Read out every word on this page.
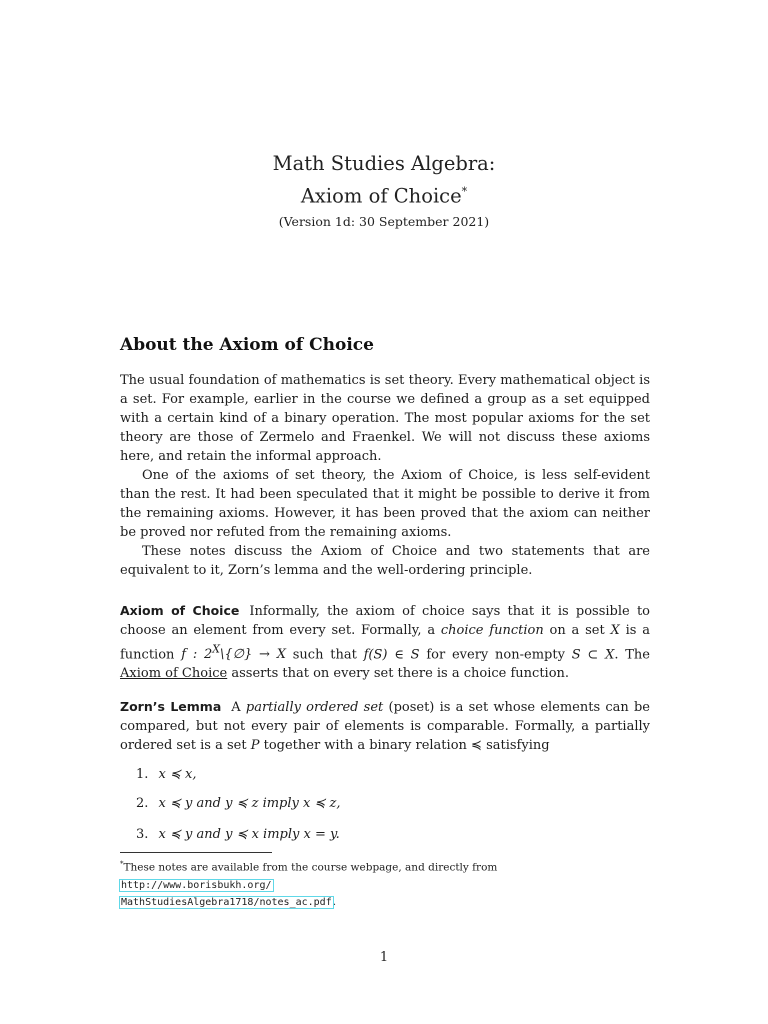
Math Studies Algebra:
Axiom of Choice*
(Version 1d: 30 September 2021)
About the Axiom of Choice

The usual foundation of mathematics is set theory. Every mathematical object is a set. For example, earlier in the course we defined a group as a set equipped with a certain kind of a binary operation. The most popular axioms for the set theory are those of Zermelo and Fraenkel. We will not discuss these axioms here, and retain the informal approach.

One of the axioms of set theory, the Axiom of Choice, is less self-evident than the rest. It had been speculated that it might be possible to derive it from the remaining axioms. However, it has been proved that the axiom can neither be proved nor refuted from the remaining axioms.

These notes discuss the Axiom of Choice and two statements that are equivalent to it, Zorn’s lemma and the well-ordering principle.

Axiom of Choice Informally, the axiom of choice says that it is possible to choose an element from every set. Formally, a choice function on a set X is a function f : $2^X\backslash\{\emptyset\} \to X$ such that f(S) ∈ S for every non-empty S ⊂ X. The Axiom of Choice asserts that on every set there is a choice function.

Zorn’s Lemma A partially ordered set (poset) is a set whose elements can be compared, but not every pair of elements is comparable. Formally, a partially ordered set is a set P together with a binary relation ≼ satisfying

1. x ≼ x,
2. x ≼ y and y ≼ z imply x ≼ z,
3. x ≼ y and y ≼ x imply x = y.
*These notes are available from the course webpage, and directly from http://www.borisbukh.org/
MathStudiesAlgebra1718/notes_ac.pdf.
1
